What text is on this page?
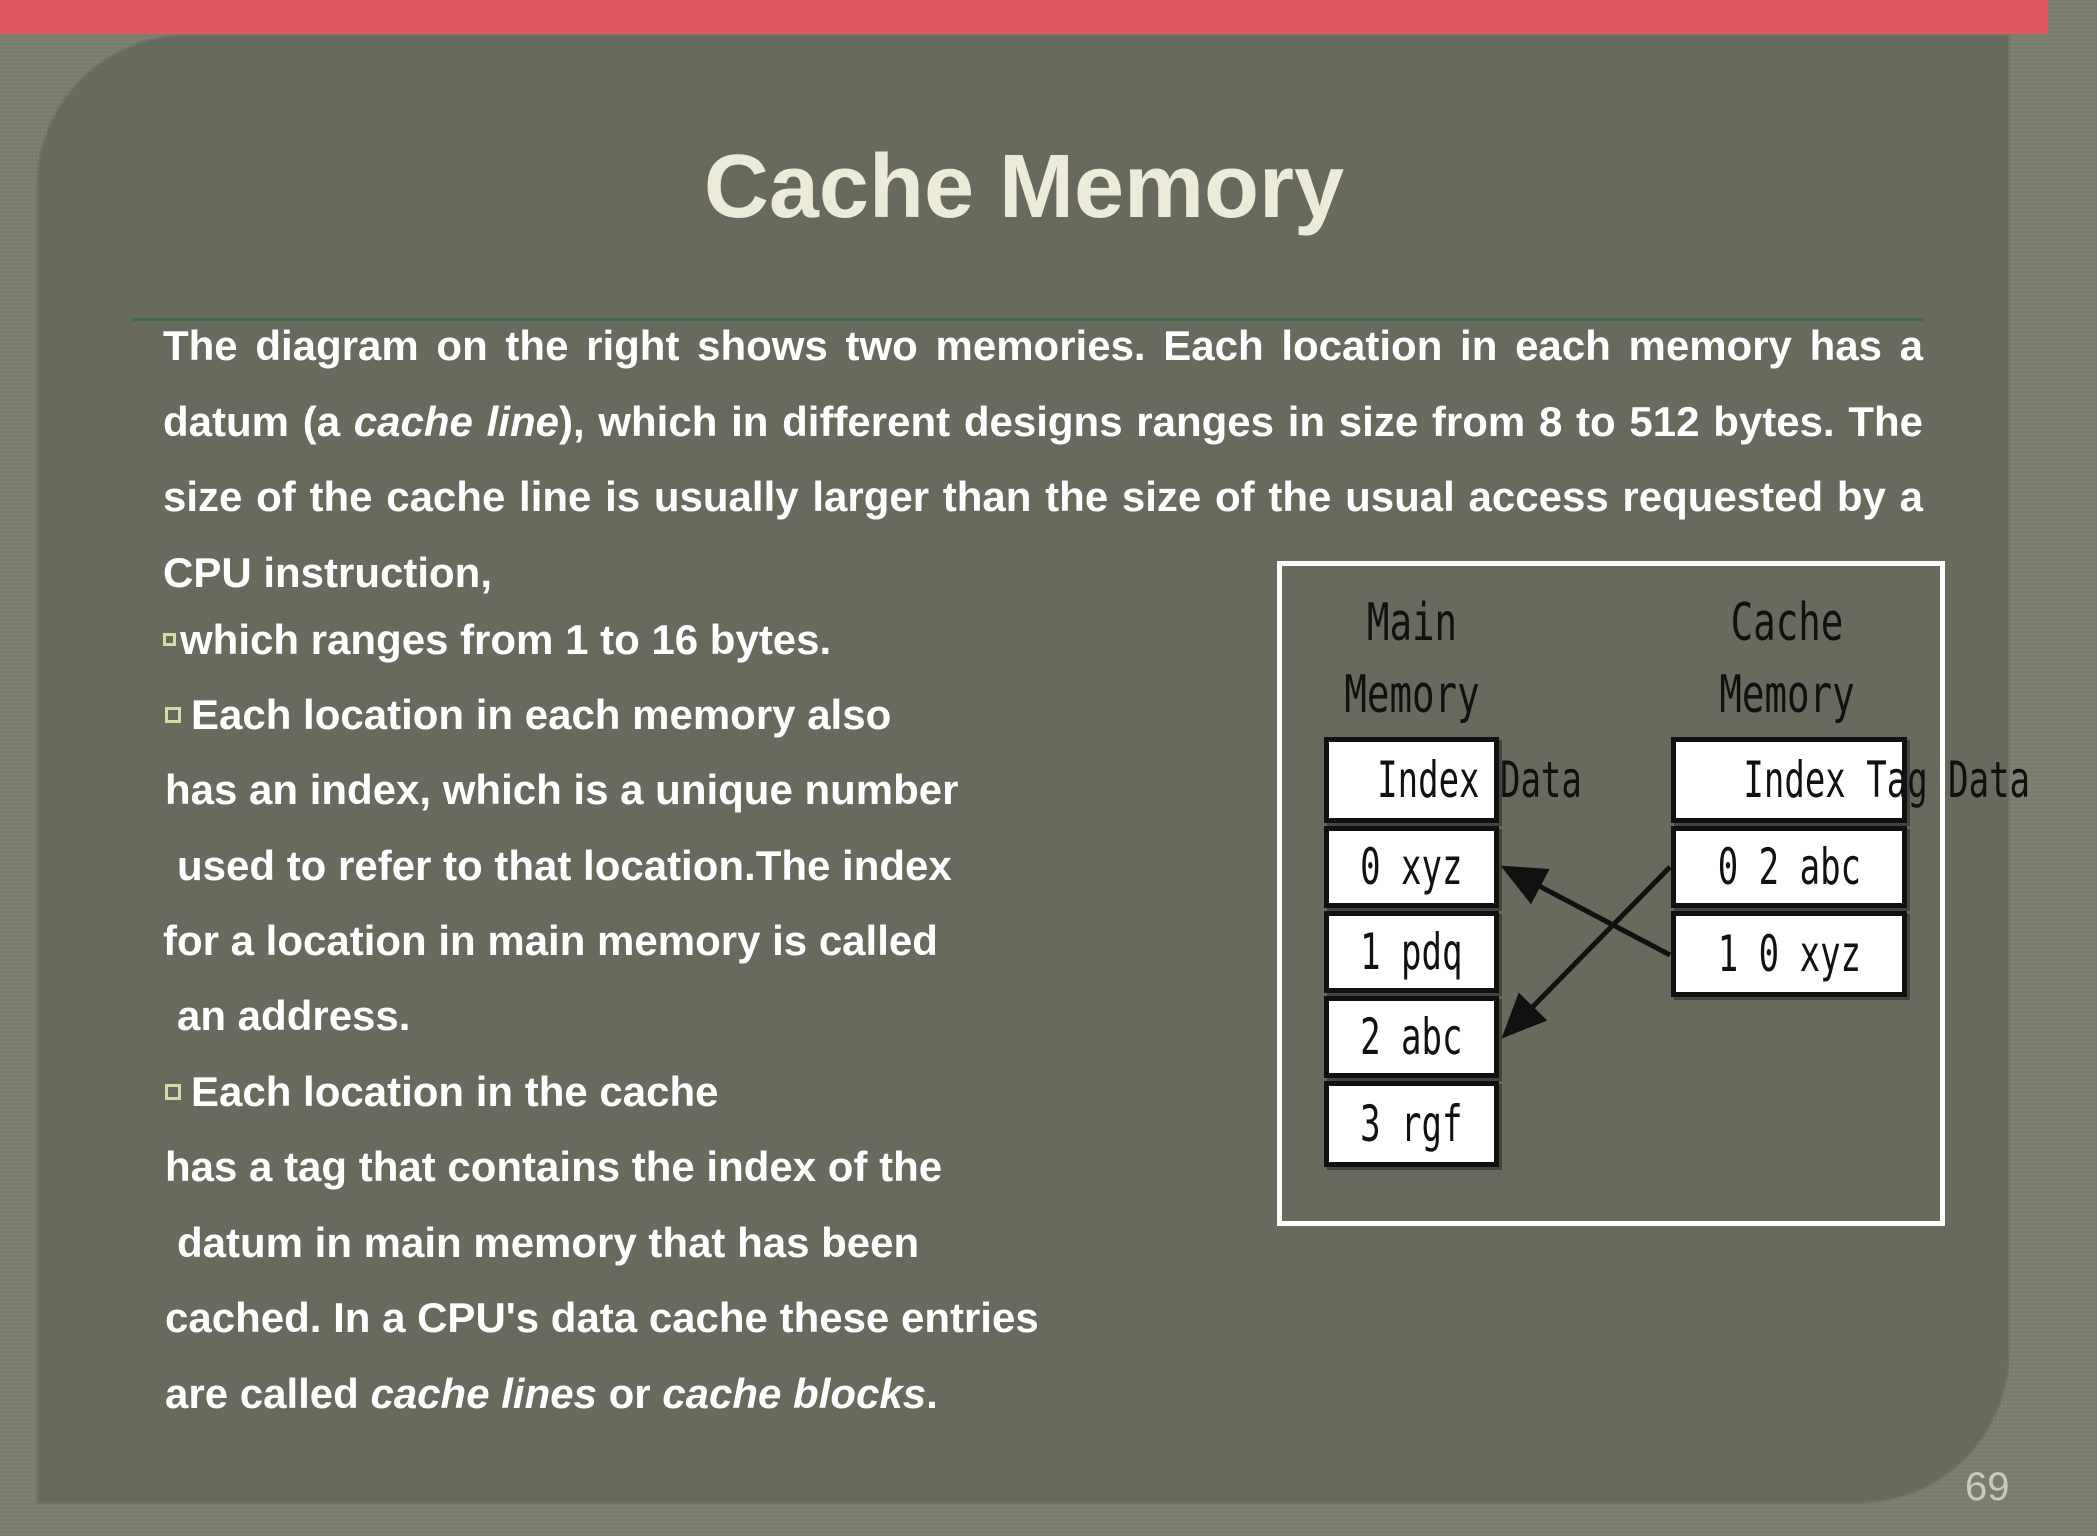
Cache Memory

The diagram on the right shows two memories. Each location in each memory has a datum (a cache line), which in different designs ranges in size from 8 to 512 bytes. The size of the cache line is usually larger than the size of the usual access requested by a CPU instruction,

which ranges from 1 to 16 bytes.
Each location in each memory also
has an index, which is a unique number
used to refer to that location.The index
for a location in main memory is called
an address.
Each location in the cache
has a tag that contains the index of the
datum in main memory that has been
cached. In a CPU's data cache these entries
are called cache lines or cache blocks.
Main
Memory
Cache
Memory
Index Data
0 xyz
1 pdq
2 abc
3 rgf
Index Tag Data
0 2 abc
1 0 xyz
69
